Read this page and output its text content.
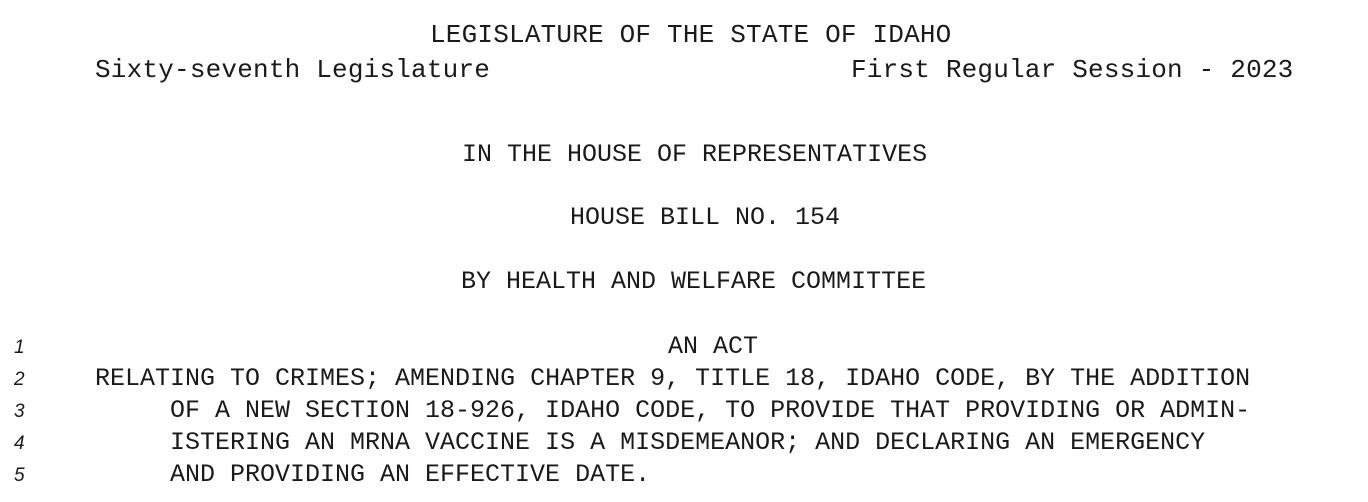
LEGISLATURE OF THE STATE OF IDAHO
Sixty-seventh Legislature	First Regular Session - 2023
IN THE HOUSE OF REPRESENTATIVES
HOUSE BILL NO. 154
BY HEALTH AND WELFARE COMMITTEE
1	AN ACT
2	RELATING TO CRIMES; AMENDING CHAPTER 9, TITLE 18, IDAHO CODE, BY THE ADDITION
3	OF A NEW SECTION 18-926, IDAHO CODE, TO PROVIDE THAT PROVIDING OR ADMIN-
4	ISTERING AN MRNA VACCINE IS A MISDEMEANOR; AND DECLARING AN EMERGENCY
5	AND PROVIDING AN EFFECTIVE DATE.
